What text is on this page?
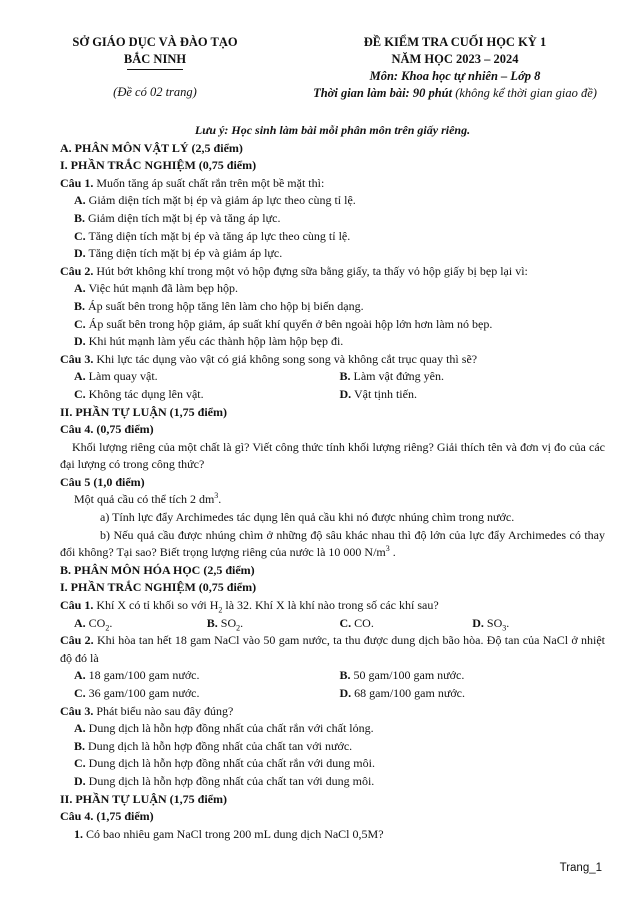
SỞ GIÁO DỤC VÀ ĐÀO TẠO
BẮC NINH
(Đề có 02 trang)
ĐỀ KIỂM TRA CUỐI HỌC KỲ 1
NĂM HỌC 2023 – 2024
Môn: Khoa học tự nhiên – Lớp 8
Thời gian làm bài: 90 phút (không kể thời gian giao đề)
Lưu ý: Học sinh làm bài mỗi phân môn trên giấy riêng.
A. PHÂN MÔN VẬT LÝ (2,5 điểm)
I. PHẦN TRẮC NGHIỆM (0,75 điểm)
Câu 1. Muốn tăng áp suất chất rắn trên một bề mặt thì:
A. Giảm diện tích mặt bị ép và giảm áp lực theo cùng tỉ lệ.
B. Giảm diện tích mặt bị ép và tăng áp lực.
C. Tăng diện tích mặt bị ép và tăng áp lực theo cùng tỉ lệ.
D. Tăng diện tích mặt bị ép và giảm áp lực.
Câu 2. Hút bớt không khí trong một vỏ hộp đựng sữa bằng giấy, ta thấy vỏ hộp giấy bị bẹp lại vì:
A. Việc hút mạnh đã làm bẹp hộp.
B. Áp suất bên trong hộp tăng lên làm cho hộp bị biến dạng.
C. Áp suất bên trong hộp giảm, áp suất khí quyển ở bên ngoài hộp lớn hơn làm nó bẹp.
D. Khi hút mạnh làm yếu các thành hộp làm hộp bẹp đi.
Câu 3. Khi lực tác dụng vào vật có giá không song song và không cắt trục quay thì sẽ?
A. Làm quay vật.	B. Làm vật đứng yên.
C. Không tác dụng lên vật.	D. Vật tịnh tiến.
II. PHẦN TỰ LUẬN (1,75 điểm)
Câu 4. (0,75 điểm)
Khối lượng riêng của một chất là gì? Viết công thức tính khối lượng riêng? Giải thích tên và đơn vị đo của các đại lượng có trong công thức?
Câu 5 (1,0 điểm)
Một quả cầu có thể tích 2 $dm^3$.
a) Tính lực đẩy Archimedes tác dụng lên quả cầu khi nó được nhúng chìm trong nước.
b) Nếu quả cầu được nhúng chìm ở những độ sâu khác nhau thì độ lớn của lực đẩy Archimedes có thay đổi không? Tại sao? Biết trọng lượng riêng của nước là 10 000 $N/m^3$ .
B. PHÂN MÔN HÓA HỌC (2,5 điểm)
I. PHẦN TRẮC NGHIỆM (0,75 điểm)
Câu 1. Khí X có tỉ khối so với $H_2$ là 32. Khí X là khí nào trong số các khí sau?
A. $CO_2$.	B. $SO_2$.	C. CO.	D. $SO_3$.
Câu 2. Khi hòa tan hết 18 gam NaCl vào 50 gam nước, ta thu được dung dịch bão hòa. Độ tan của NaCl ở nhiệt độ đó là
A. 18 gam/100 gam nước.	B. 50 gam/100 gam nước.
C. 36 gam/100 gam nước.	D. 68 gam/100 gam nước.
Câu 3. Phát biểu nào sau đây đúng?
A. Dung dịch là hỗn hợp đồng nhất của chất rắn với chất lỏng.
B. Dung dịch là hỗn hợp đồng nhất của chất tan với nước.
C. Dung dịch là hỗn hợp đồng nhất của chất rắn với dung môi.
D. Dung dịch là hỗn hợp đồng nhất của chất tan với dung môi.
II. PHẦN TỰ LUẬN (1,75 điểm)
Câu 4. (1,75 điểm)
1. Có bao nhiêu gam NaCl trong 200 mL dung dịch NaCl 0,5M?
Trang_1
